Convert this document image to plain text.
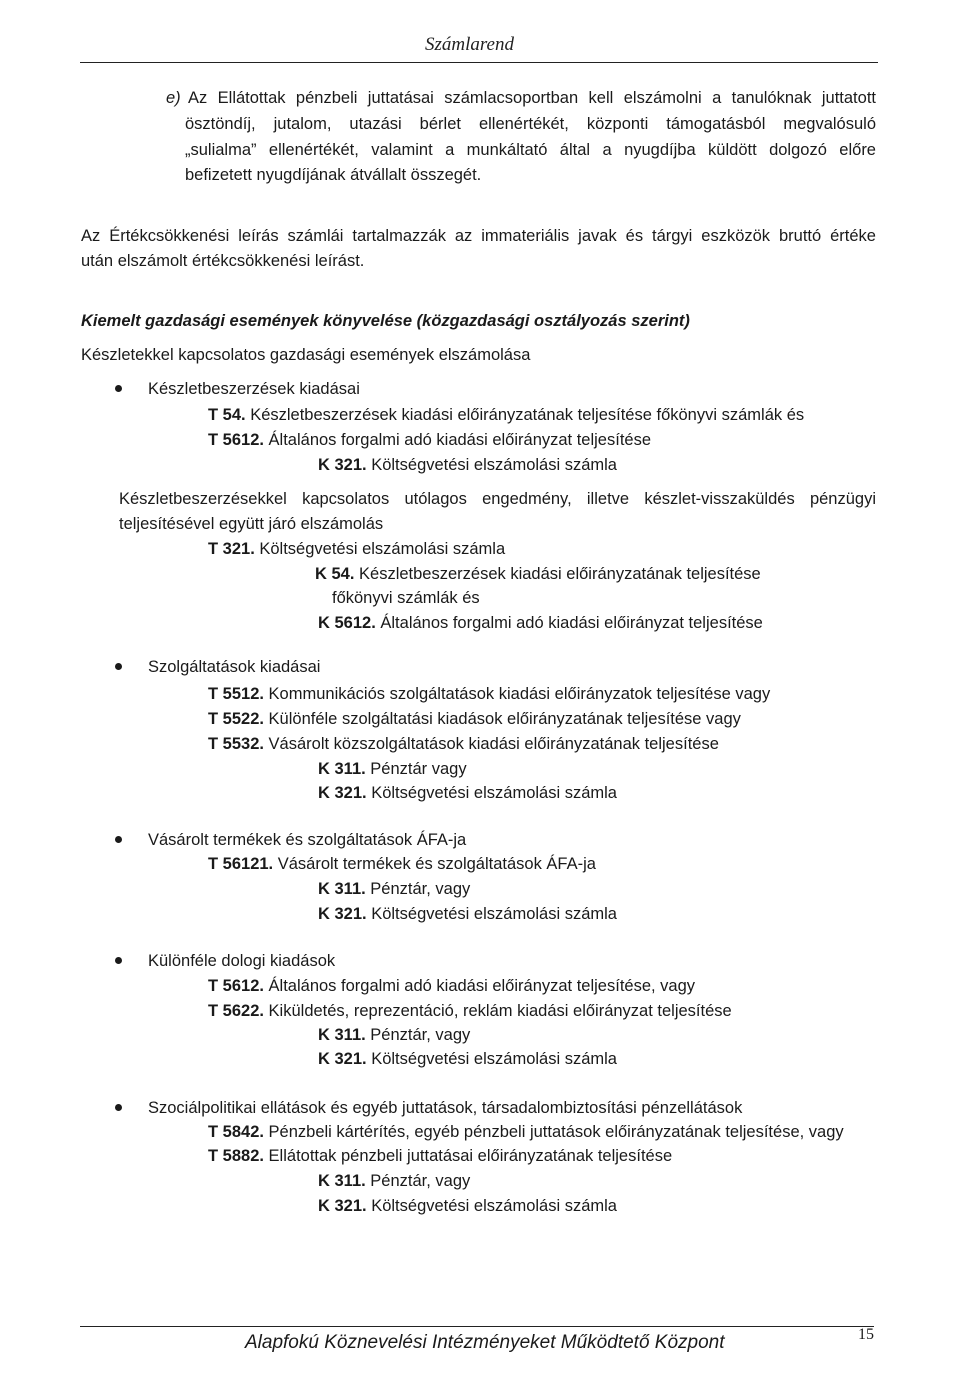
Számlarend
e) Az Ellátottak pénzbeli juttatásai számlacsoportban kell elszámolni a tanulóknak juttatott
ösztöndíj, jutalom, utazási bérlet ellenértékét, központi támogatásból megvalósuló
„sulialma” ellenértékét, valamint a munkáltató által a nyugdíjba küldött dolgozó előre
befizetett nyugdíjának átvállalt összegét.
Az Értékcsökkenési leírás számlái tartalmazzák az immateriális javak és tárgyi eszközök bruttó értéke
után elszámolt értékcsökkenési leírást.
Kiemelt gazdasági események könyvelése (közgazdasági osztályozás szerint)
Készletekkel kapcsolatos gazdasági események elszámolása
Készletbeszerzések kiadásai
T 54. Készletbeszerzések kiadási előirányzatának teljesítése főkönyvi számlák és
T 5612. Általános forgalmi adó kiadási előirányzat teljesítése
K 321. Költségvetési elszámolási számla
Készletbeszerzésekkel kapcsolatos utólagos engedmény, illetve készlet-visszaküldés pénzügyi
teljesítésével együtt járó elszámolás
T 321. Költségvetési elszámolási számla
K 54. Készletbeszerzések kiadási előirányzatának teljesítése
főkönyvi számlák és
K 5612. Általános forgalmi adó kiadási előirányzat teljesítése
Szolgáltatások kiadásai
T 5512. Kommunikációs szolgáltatások kiadási előirányzatok teljesítése vagy
T 5522. Különféle szolgáltatási kiadások előirányzatának teljesítése vagy
T 5532. Vásárolt közszolgáltatások kiadási előirányzatának teljesítése
K 311. Pénztár vagy
K 321. Költségvetési elszámolási számla
Vásárolt termékek és szolgáltatások ÁFA-ja
T 56121. Vásárolt termékek és szolgáltatások ÁFA-ja
K 311. Pénztár, vagy
K 321. Költségvetési elszámolási számla
Különféle dologi kiadások
T 5612. Általános forgalmi adó kiadási előirányzat teljesítése, vagy
T 5622. Kiküldetés, reprezentáció, reklám kiadási előirányzat teljesítése
K 311. Pénztár, vagy
K 321. Költségvetési elszámolási számla
Szociálpolitikai ellátások és egyéb juttatások, társadalombiztosítási pénzellátások
T 5842. Pénzbeli kártérítés, egyéb pénzbeli juttatások előirányzatának teljesítése, vagy
T 5882. Ellátottak pénzbeli juttatásai előirányzatának teljesítése
K 311. Pénztár, vagy
K 321. Költségvetési elszámolási számla
Alapfokú Köznevelési Intézményeket Működtető Központ	15
